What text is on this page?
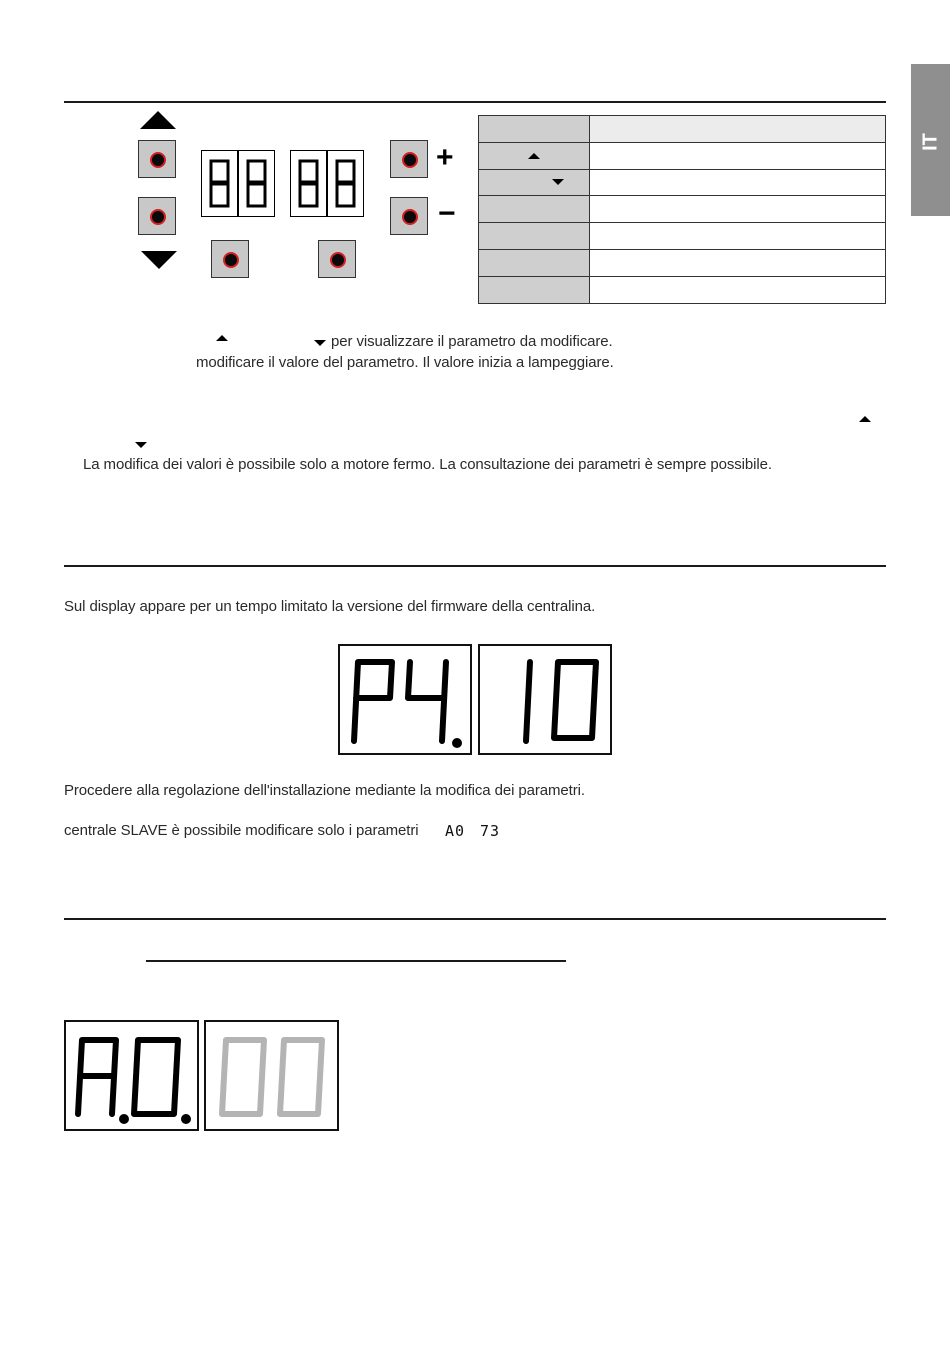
IT
+
−

per visualizzare il parametro da modificare.
modificare il valore del parametro. Il valore inizia a lampeggiare.
La modifica dei valori è possibile solo a motore fermo. La consultazione dei parametri è sempre possibile.
Sul display appare per un tempo limitato la versione del firmware della centralina.
Procedere alla regolazione dell'installazione mediante la modifica dei parametri.
centrale SLAVE è possibile modificare solo i parametri A0 73
